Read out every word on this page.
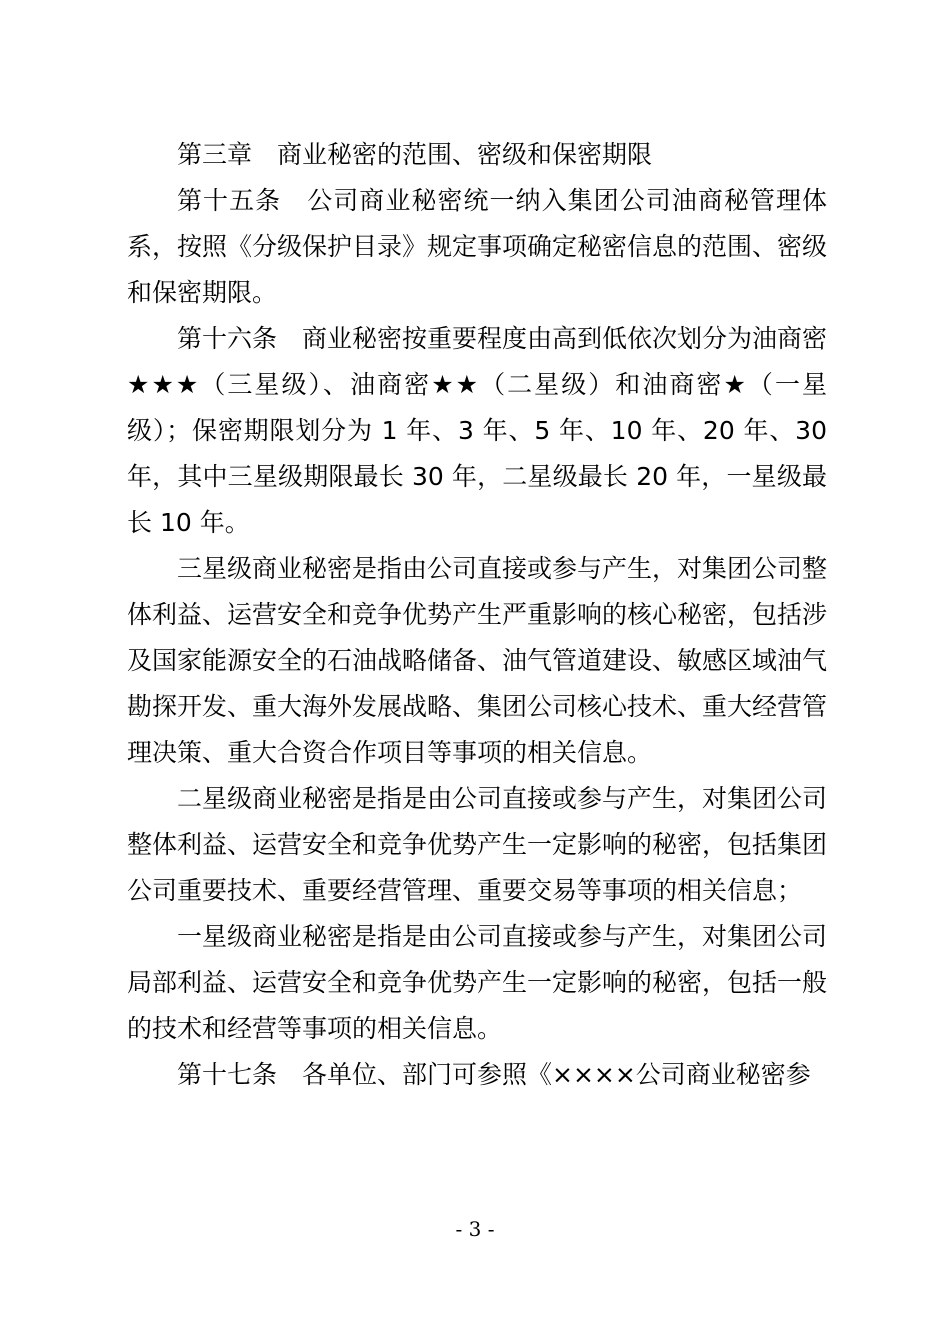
第三章　商业秘密的范围、密级和保密期限

第十五条　公司商业秘密统一纳入集团公司油商秘管理体系，按照《分级保护目录》规定事项确定秘密信息的范围、密级和保密期限。

第十六条　商业秘密按重要程度由高到低依次划分为油商密★★★（三星级）、油商密★★（二星级）和油商密★（一星级）；保密期限划分为 1 年、3 年、5 年、10 年、20 年、30 年，其中三星级期限最长 30 年，二星级最长 20 年，一星级最长 10 年。

三星级商业秘密是指由公司直接或参与产生，对集团公司整体利益、运营安全和竞争优势产生严重影响的核心秘密，包括涉及国家能源安全的石油战略储备、油气管道建设、敏感区域油气勘探开发、重大海外发展战略、集团公司核心技术、重大经营管理决策、重大合资合作项目等事项的相关信息。

二星级商业秘密是指是由公司直接或参与产生，对集团公司整体利益、运营安全和竞争优势产生一定影响的秘密，包括集团公司重要技术、重要经营管理、重要交易等事项的相关信息；

一星级商业秘密是指是由公司直接或参与产生，对集团公司局部利益、运营安全和竞争优势产生一定影响的秘密，包括一般的技术和经营等事项的相关信息。

第十七条　各单位、部门可参照《××××公司商业秘密参

- 3 -
